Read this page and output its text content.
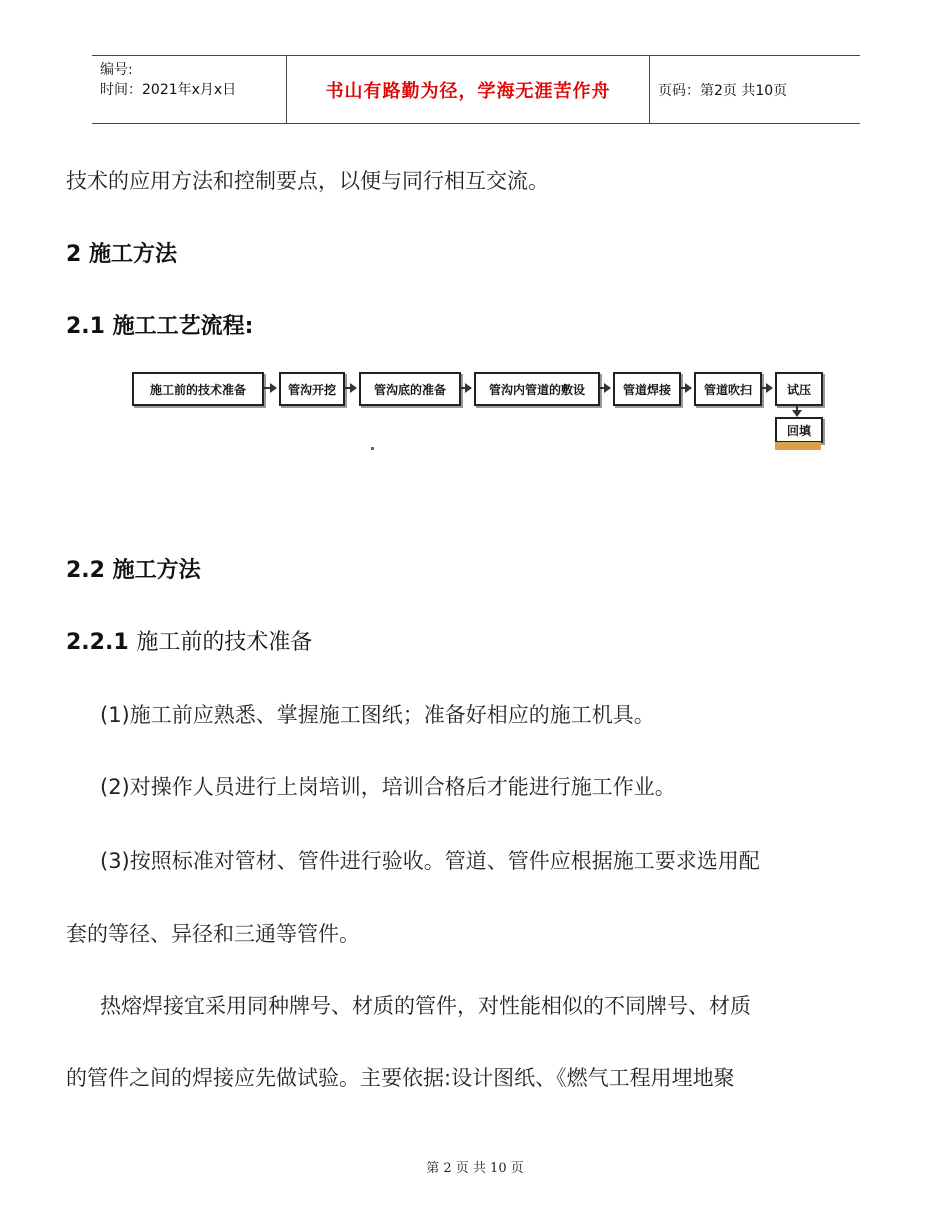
编号:
时间：2021年x月x日	书山有路勤为径，学海无涯苦作舟	页码：第2页 共10页
技术的应用方法和控制要点，以便与同行相互交流。
2 施工方法
2.1 施工工艺流程:
施工前的技术准备	管沟开挖	管沟底的准备	管沟内管道的敷设	管道焊接	管道吹扫	试压
回填
2.2 施工方法
2.2.1 施工前的技术准备
(1)施工前应熟悉、掌握施工图纸；准备好相应的施工机具。
(2)对操作人员进行上岗培训，培训合格后才能进行施工作业。
(3)按照标准对管材、管件进行验收。管道、管件应根据施工要求选用配
套的等径、异径和三通等管件。
热熔焊接宜采用同种牌号、材质的管件，对性能相似的不同牌号、材质
的管件之间的焊接应先做试验。主要依据:设计图纸、《燃气工程用埋地聚
第 2 页 共 10 页
